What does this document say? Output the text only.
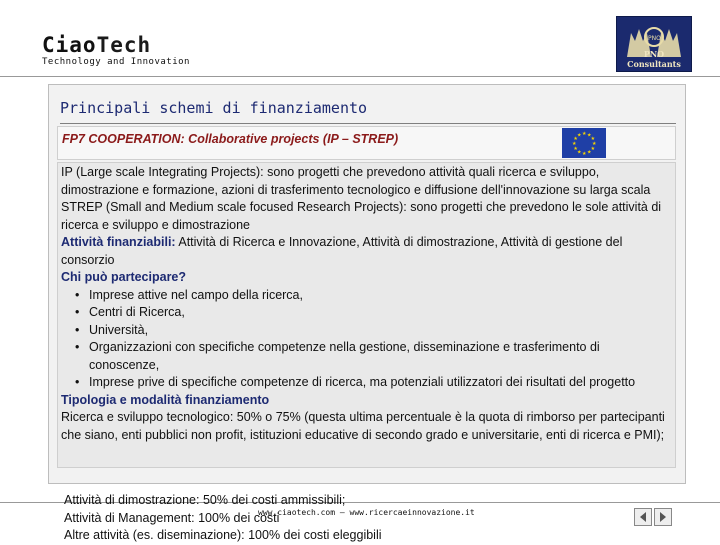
CiaoTech
Technology and Innovation
PNO
PNO Consultants
Principali schemi di finanziamento
FP7 COOPERATION: Collaborative projects (IP – STREP)	★
★
★
★
★
★
★
★
★ ★ ★
★

IP (Large scale Integrating Projects): sono progetti che prevedono attività quali ricerca e sviluppo, dimostrazione e formazione, azioni di trasferimento tecnologico e diffusione dell'innovazione su larga scala

STREP (Small and Medium scale focused Research Projects): sono progetti che prevedono le sole attività di ricerca e sviluppo e dimostrazione

Attività finanziabili: Attività di Ricerca e Innovazione, Attività di dimostrazione, Attività di gestione del consorzio

Chi può partecipare?

• Imprese attive nel campo della ricerca,
• Centri di Ricerca,
• Università,
• Organizzazioni con specifiche competenze nella gestione, disseminazione e trasferimento di conoscenze,
• Imprese prive di specifiche competenze di ricerca, ma potenziali utilizzatori dei risultati del progetto

Tipologia e modalità finanziamento

Ricerca e sviluppo tecnologico: 50% o 75% (questa ultima percentuale è la quota di rimborso per partecipanti che siano, enti pubblici non profit, istituzioni educative di secondo grado e universitarie, enti di ricerca e PMI);

Attività di dimostrazione: 50% dei costi ammissibili;

Attività di Management: 100% dei costi

Altre attività (es. diseminazione): 100% dei costi eleggibili

www.ciaotech.com – www.ricercaeinnovazione.it
